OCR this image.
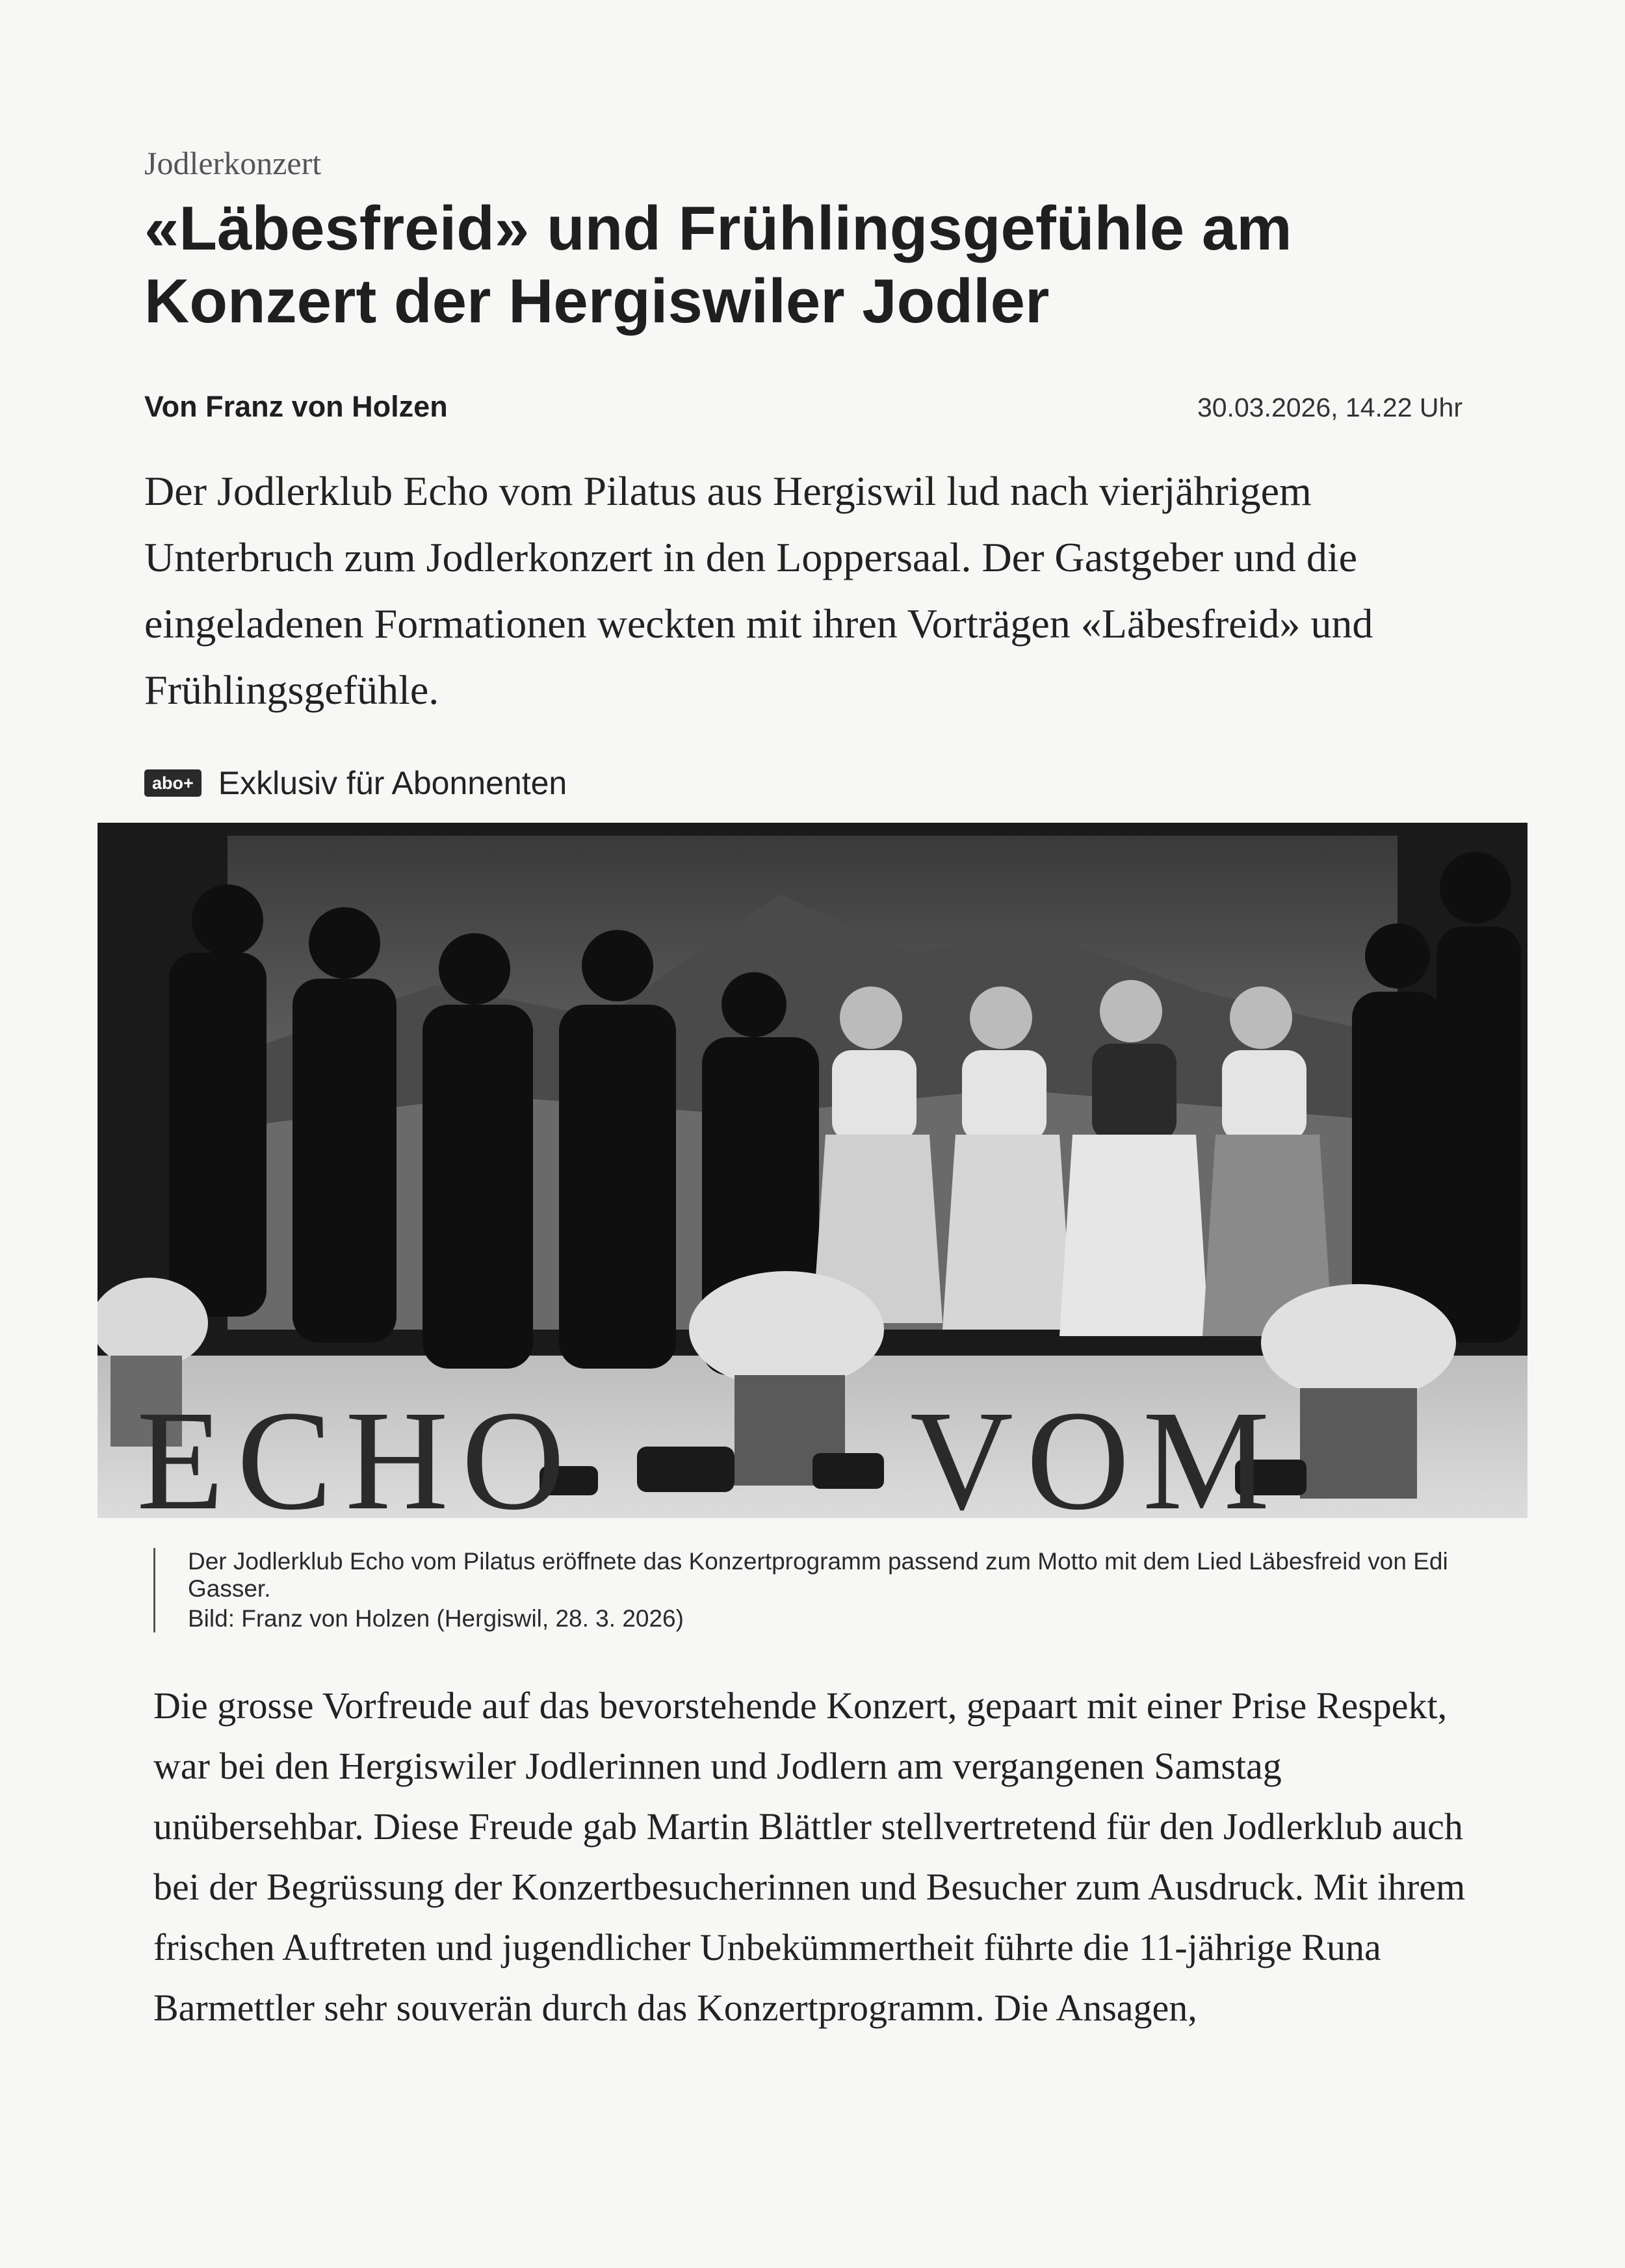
Jodlerkonzert
«Läbesfreid» und Frühlingsgefühle am Konzert der Hergiswiler Jodler
Von Franz von Holzen	30.03.2026, 14.22 Uhr

Der Jodlerklub Echo vom Pilatus aus Hergiswil lud nach vierjährigem Unterbruch zum Jodlerkonzert in den Loppersaal. Der Gastgeber und die eingeladenen Formationen weckten mit ihren Vorträgen «Läbesfreid» und Frühlingsgefühle.

abo+ Exklusiv für Abonnenten
ECHO VOM

Der Jodlerklub Echo vom Pilatus eröffnete das Konzertprogramm passend zum Motto mit dem Lied Läbesfreid von Edi Gasser.

Bild: Franz von Holzen (Hergiswil, 28. 3. 2026)

Die grosse Vorfreude auf das bevorstehende Konzert, gepaart mit einer Prise Respekt, war bei den Hergiswiler Jodlerinnen und Jodlern am vergangenen Samstag unübersehbar. Diese Freude gab Martin Blättler stellvertretend für den Jodlerklub auch bei der Begrüssung der Konzertbesucherinnen und Besucher zum Ausdruck. Mit ihrem frischen Auftreten und jugendlicher Unbekümmertheit führte die 11-jährige Runa Barmettler sehr souverän durch das Konzertprogramm. Die Ansagen,
